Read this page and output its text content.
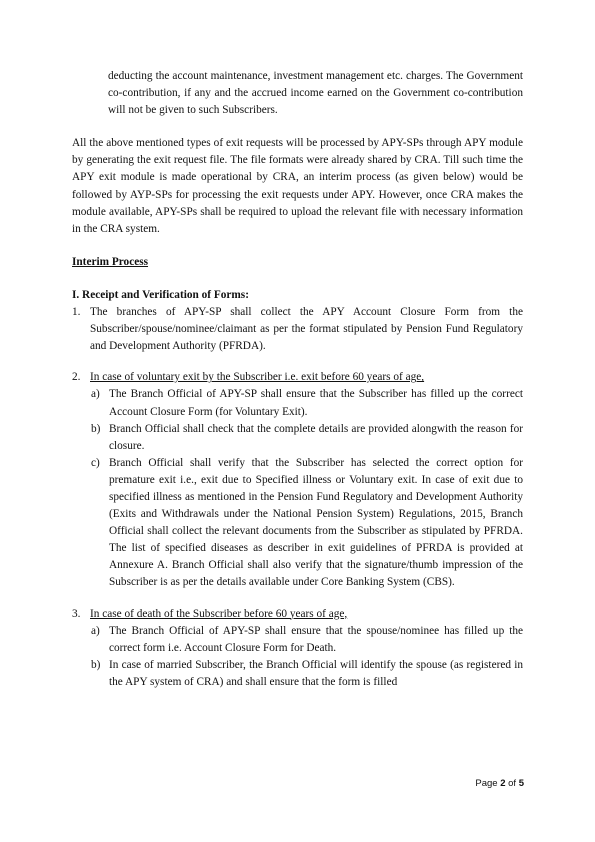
deducting the account maintenance, investment management etc. charges. The Government co-contribution, if any and the accrued income earned on the Government co-contribution will not be given to such Subscribers.

All the above mentioned types of exit requests will be processed by APY-SPs through APY module by generating the exit request file. The file formats were already shared by CRA. Till such time the APY exit module is made operational by CRA, an interim process (as given below) would be followed by AYP-SPs for processing the exit requests under APY. However, once CRA makes the module available, APY-SPs shall be required to upload the relevant file with necessary information in the CRA system.

Interim Process

I. Receipt and Verification of Forms:

1. The branches of APY-SP shall collect the APY Account Closure Form from the Subscriber/spouse/nominee/claimant as per the format stipulated by Pension Fund Regulatory and Development Authority (PFRDA).
2. In case of voluntary exit by the Subscriber i.e. exit before 60 years of age,
a) The Branch Official of APY-SP shall ensure that the Subscriber has filled up the correct Account Closure Form (for Voluntary Exit).
b) Branch Official shall check that the complete details are provided alongwith the reason for closure.
c) Branch Official shall verify that the Subscriber has selected the correct option for premature exit i.e., exit due to Specified illness or Voluntary exit. In case of exit due to specified illness as mentioned in the Pension Fund Regulatory and Development Authority (Exits and Withdrawals under the National Pension System) Regulations, 2015, Branch Official shall collect the relevant documents from the Subscriber as stipulated by PFRDA. The list of specified diseases as describer in exit guidelines of PFRDA is provided at Annexure A. Branch Official shall also verify that the signature/thumb impression of the Subscriber is as per the details available under Core Banking System (CBS).
3. In case of death of the Subscriber before 60 years of age,
a) The Branch Official of APY-SP shall ensure that the spouse/nominee has filled up the correct form i.e. Account Closure Form for Death.
b) In case of married Subscriber, the Branch Official will identify the spouse (as registered in the APY system of CRA) and shall ensure that the form is filled
Page 2 of 5
